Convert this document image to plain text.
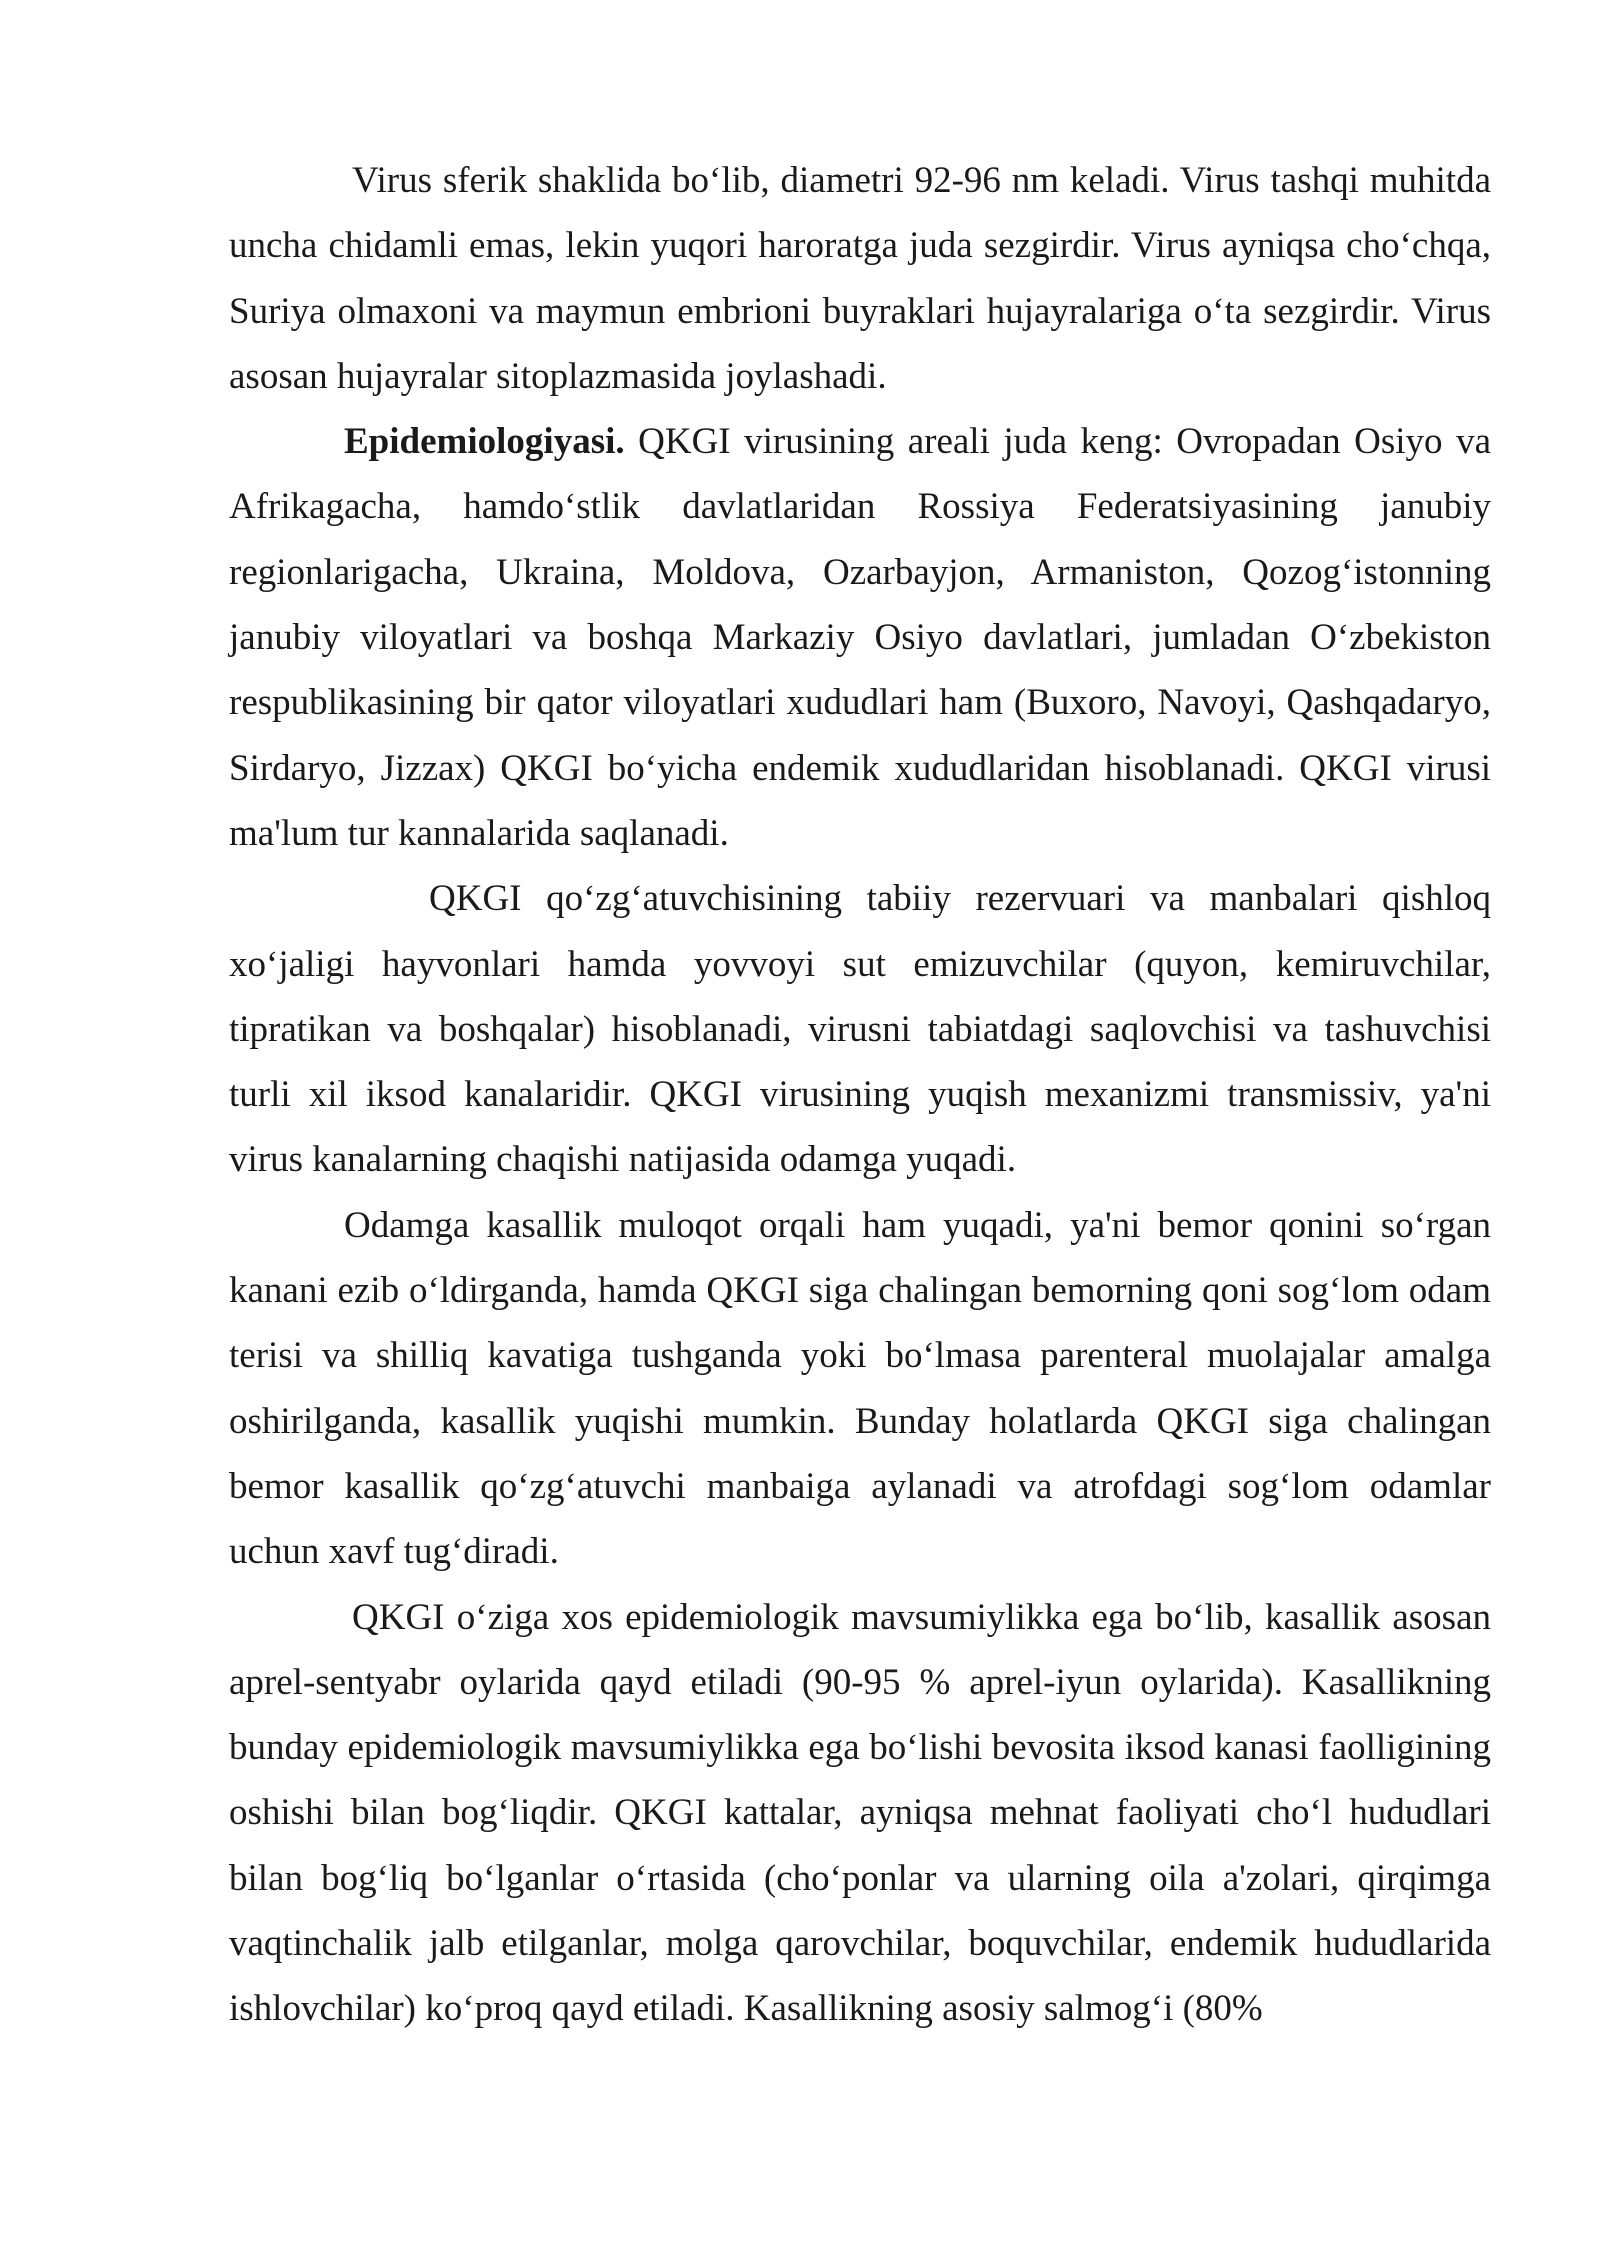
Virus sferik shaklida bo‘lib, diametri 92-96 nm keladi. Virus tashqi muhitda uncha chidamli emas, lekin yuqori haroratga juda sezgirdir. Virus ayniqsa cho‘chqa, Suriya olmaxoni va maymun embrioni buyraklari hujayralariga o‘ta sezgirdir. Virus asosan hujayralar sitoplazmasida joylashadi.

Epidemiologiyasi. QKGI virusining areali juda keng: Ovropadan Osiyo va Afrikagacha, hamdo‘stlik davlatlaridan Rossiya Federatsiyasining janubiy regionlarigacha, Ukraina, Moldova, Ozarbayjon, Armaniston, Qozog‘istonning janubiy viloyatlari va boshqa Markaziy Osiyo davlatlari, jumladan O‘zbekiston respublikasining bir qator viloyatlari xududlari ham (Buxoro, Navoyi, Qashqadaryo, Sirdaryo, Jizzax) QKGI bo‘yicha endemik xududlaridan hisoblanadi. QKGI virusi ma'lum tur kannalarida saqlanadi.

QKGI qo‘zg‘atuvchisining tabiiy rezervuari va manbalari qishloq xo‘jaligi hayvonlari hamda yovvoyi sut emizuvchilar (quyon, kemiruvchilar, tipratikan va boshqalar) hisoblanadi, virusni tabiatdagi saqlovchisi va tashuvchisi turli xil iksod kanalaridir. QKGI virusining yuqish mexanizmi transmissiv, ya'ni virus kanalarning chaqishi natijasida odamga yuqadi.

Odamga kasallik muloqot orqali ham yuqadi, ya'ni bemor qonini so‘rgan kanani ezib o‘ldirganda, hamda QKGI siga chalingan bemorning qoni sog‘lom odam terisi va shilliq kavatiga tushganda yoki bo‘lmasa parenteral muolajalar amalga oshirilganda, kasallik yuqishi mumkin. Bunday holatlarda QKGI siga chalingan bemor kasallik qo‘zg‘atuvchi manbaiga aylanadi va atrofdagi sog‘lom odamlar uchun xavf tug‘diradi.

QKGI o‘ziga xos epidemiologik mavsumiylikka ega bo‘lib, kasallik asosan aprel-sentyabr oylarida qayd etiladi (90-95 % aprel-iyun oylarida). Kasallikning bunday epidemiologik mavsumiylikka ega bo‘lishi bevosita iksod kanasi faolligining oshishi bilan bog‘liqdir. QKGI kattalar, ayniqsa mehnat faoliyati cho‘l hududlari bilan bog‘liq bo‘lganlar o‘rtasida (cho‘ponlar va ularning oila a'zolari, qirqimga vaqtinchalik jalb etilganlar, molga qarovchilar, boquvchilar, endemik hududlarida ishlovchilar) ko‘proq qayd etiladi. Kasallikning asosiy salmog‘i (80%
